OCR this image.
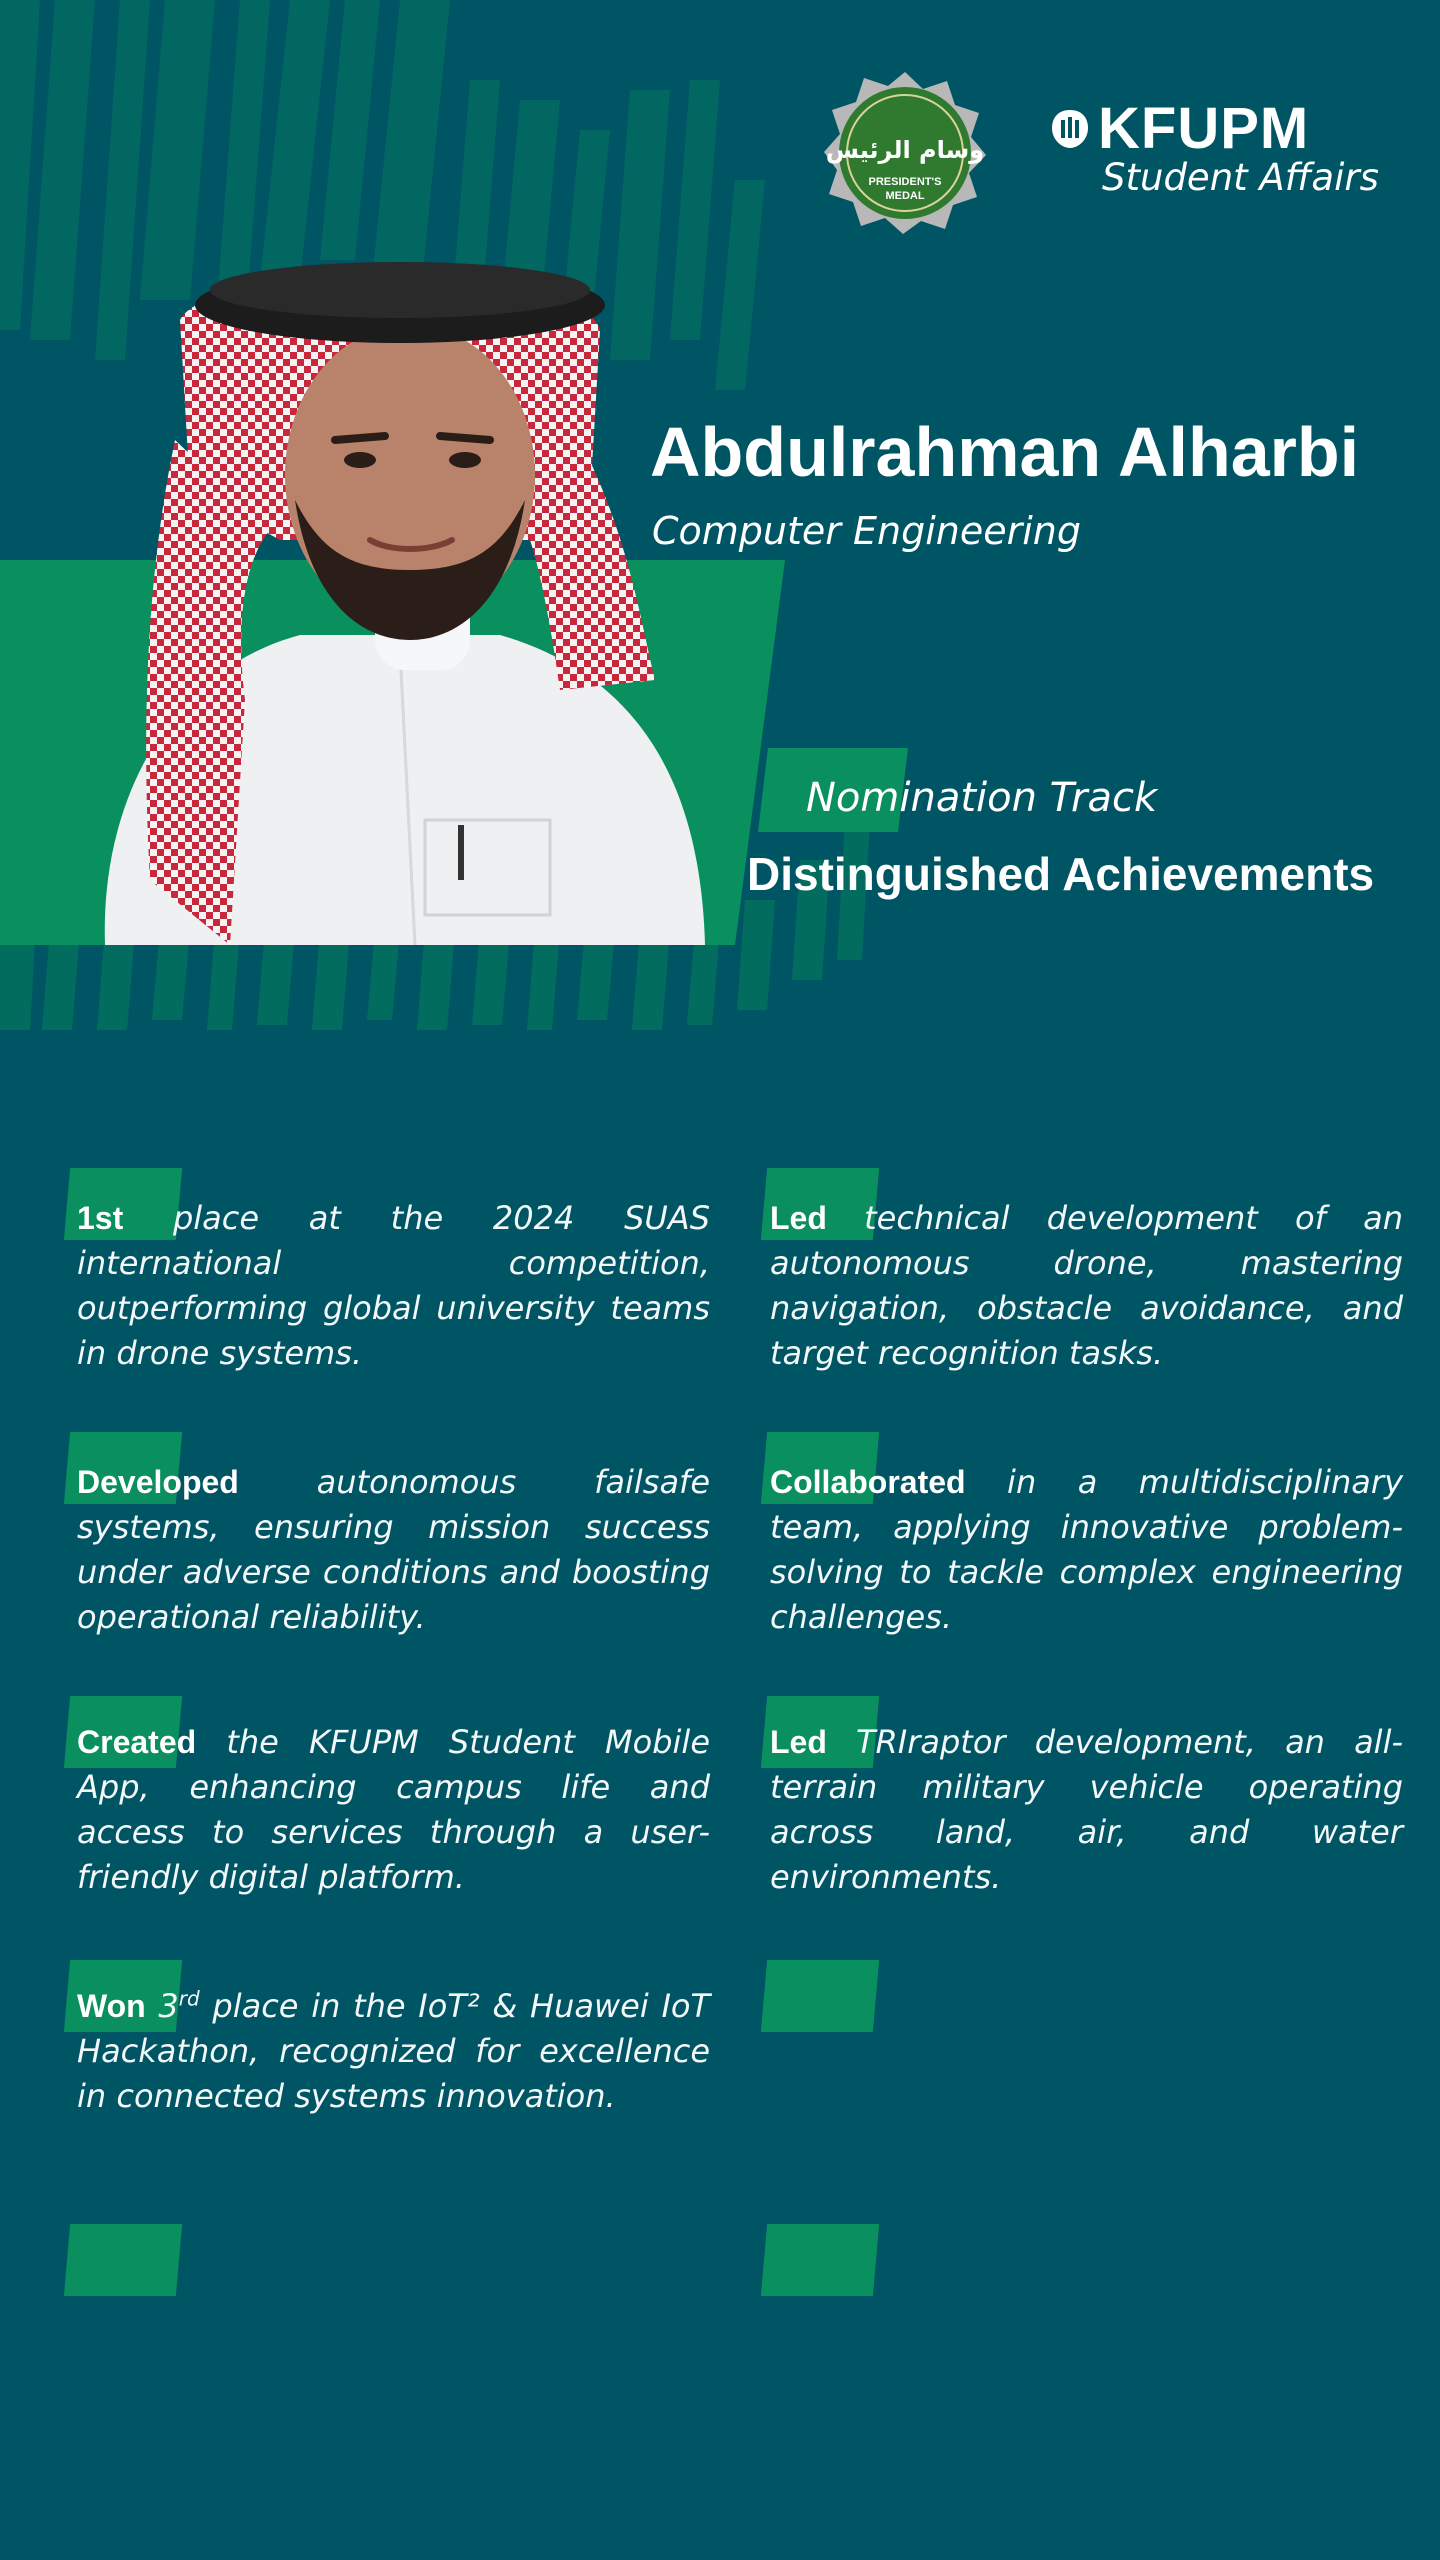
وسام الرئيس
PRESIDENT'S
MEDAL
KFUPM
Student Affairs
Abdulrahman Alharbi
Computer Engineering
Nomination Track
Distinguished Achievements
1st place at the 2024 SUAS international competition, outperforming global university teams in drone systems.
Led technical development of an autonomous drone, mastering navigation, obstacle avoidance, and target recognition tasks.
Developed autonomous failsafe systems, ensuring mission success under adverse conditions and boosting operational reliability.
Collaborated in a multidisciplinary team, applying innovative problem-solving to tackle complex engineering challenges.
Created the KFUPM Student Mobile App, enhancing campus life and access to services through a user-friendly digital platform.
Led TRIraptor development, an all-terrain military vehicle operating across land, air, and water environments.
Won 3rd place in the IoT² & Huawei IoT Hackathon, recognized for excellence in connected systems innovation.
